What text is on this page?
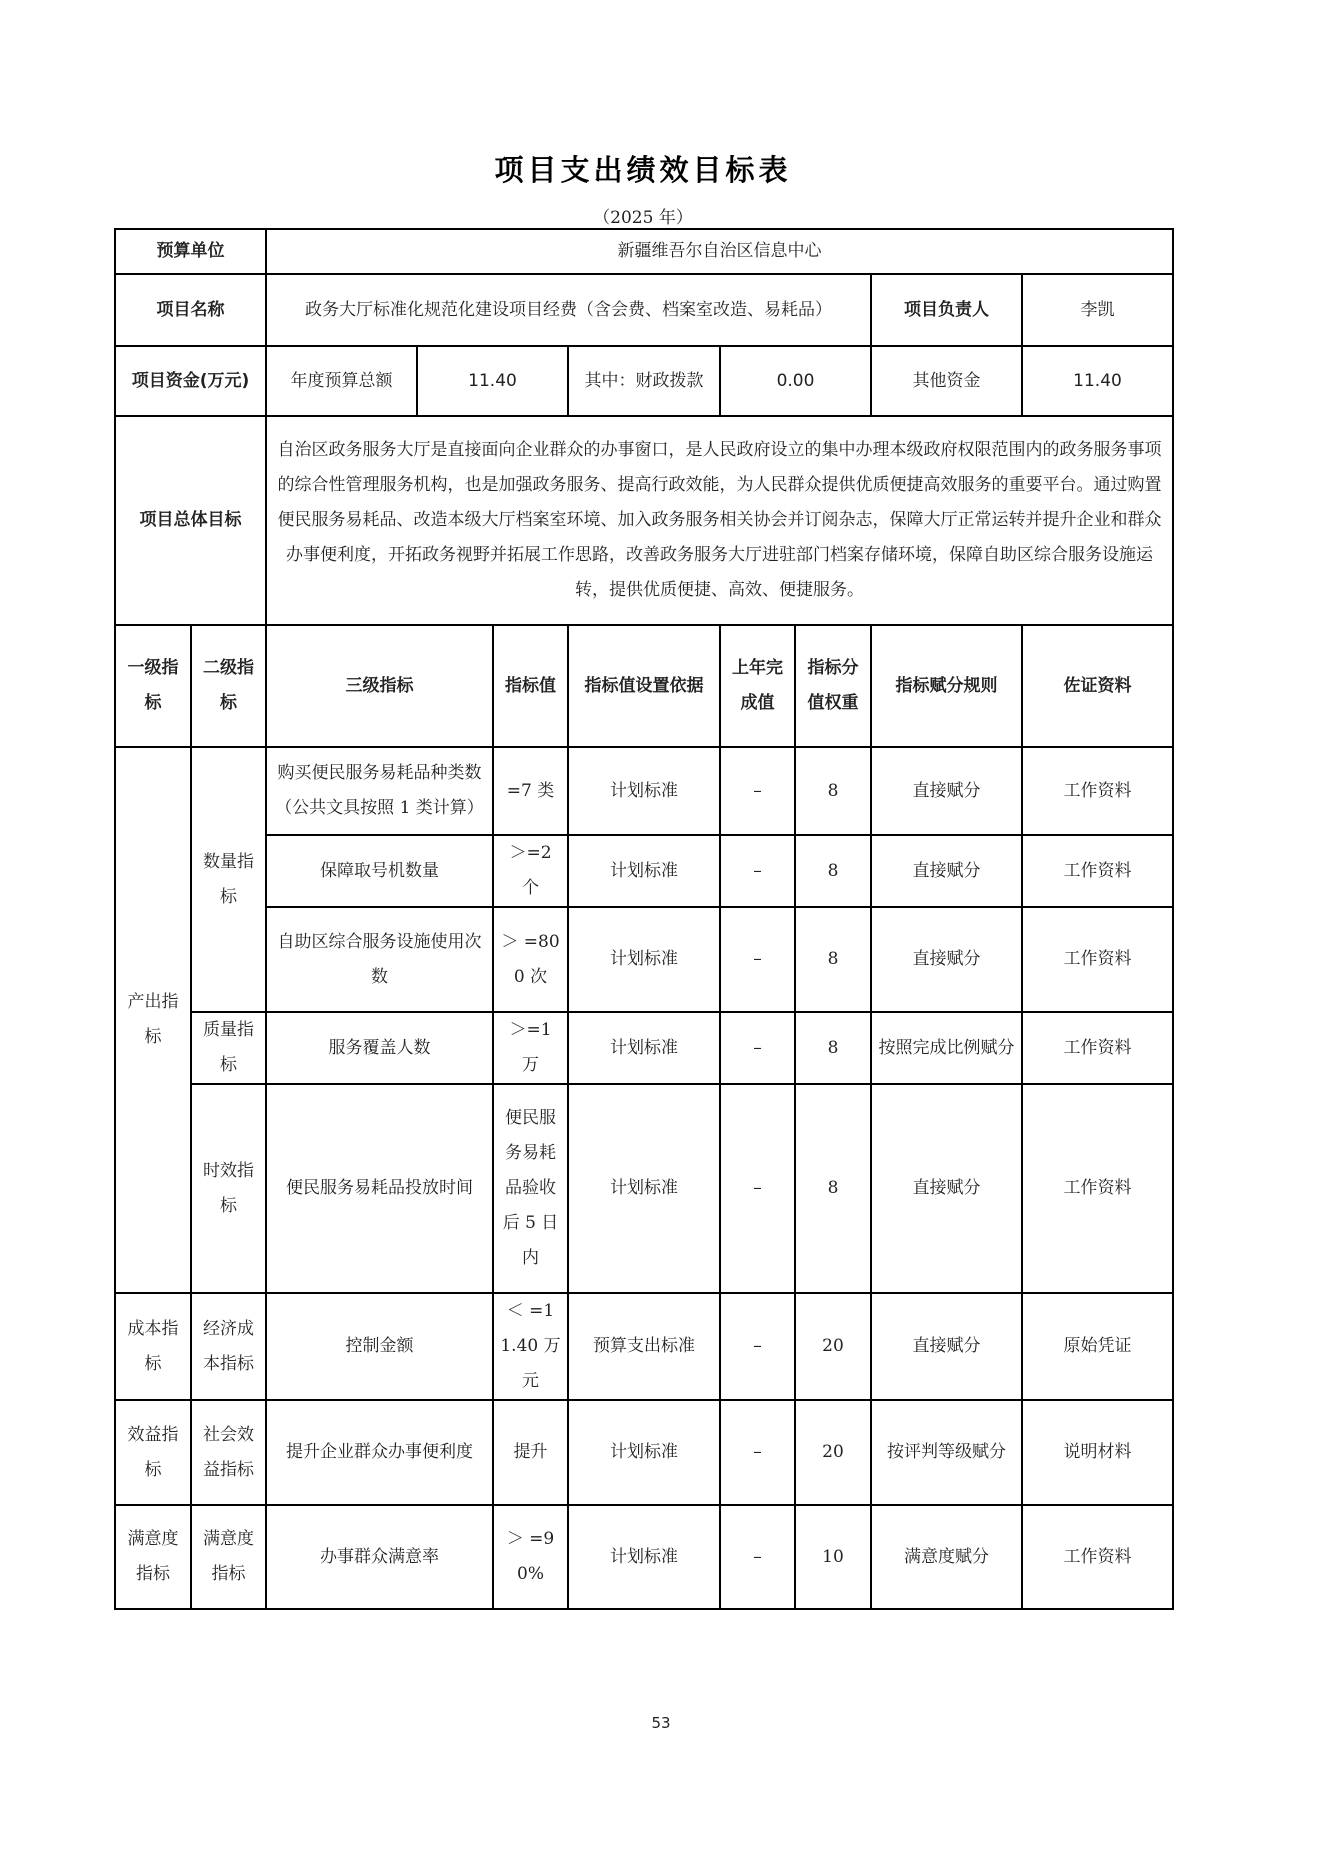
项目支出绩效目标表
（2025 年）
预算单位		新疆维吾尔自治区信息中心							
项目名称		政务大厅标准化规范化建设项目经费（含会费、档案室改造、易耗品）						项目负责人	李凯
项目资金(万元)		年度预算总额	11.40		其中：财政拨款	0.00		其他资金	11.40
项目总体目标		自治区政务服务大厅是直接面向企业群众的办事窗口，是人民政府设立的集中办理本级政府权限范围内的政务服务事项的综合性管理服务机构，也是加强政务服务、提高行政效能，为人民群众提供优质便捷高效服务的重要平台。通过购置便民服务易耗品、改造本级大厅档案室环境、加入政务服务相关协会并订阅杂志，保障大厅正常运转并提升企业和群众办事便利度，开拓政务视野并拓展工作思路，改善政务服务大厅进驻部门档案存储环境，保障自助区综合服务设施运转，提供优质便捷、高效、便捷服务。							
一级指标	二级指标	三级指标		指标值	指标值设置依据	上年完成值	指标分值权重	指标赋分规则	佐证资料
产出指标	数量指标	购买便民服务易耗品种类数（公共文具按照 1 类计算）		=7 类	计划标准	–	8	直接赋分	工作资料
		保障取号机数量		＞=2 个	计划标准	–	8	直接赋分	工作资料
		自助区综合服务设施使用次数		＞ =800 次	计划标准	–	8	直接赋分	工作资料
	质量指标	服务覆盖人数		＞=1 万	计划标准	–	8	按照完成比例赋分	工作资料
	时效指标	便民服务易耗品投放时间		便民服务易耗品验收后 5 日内	计划标准	–	8	直接赋分	工作资料
成本指标	经济成本指标	控制金额		＜ =11.40 万元	预算支出标准	–	20	直接赋分	原始凭证
效益指标	社会效益指标	提升企业群众办事便利度		提升	计划标准	–	20	按评判等级赋分	说明材料
满意度指标	满意度指标	办事群众满意率		＞ =90%	计划标准	–	10	满意度赋分	工作资料
53
